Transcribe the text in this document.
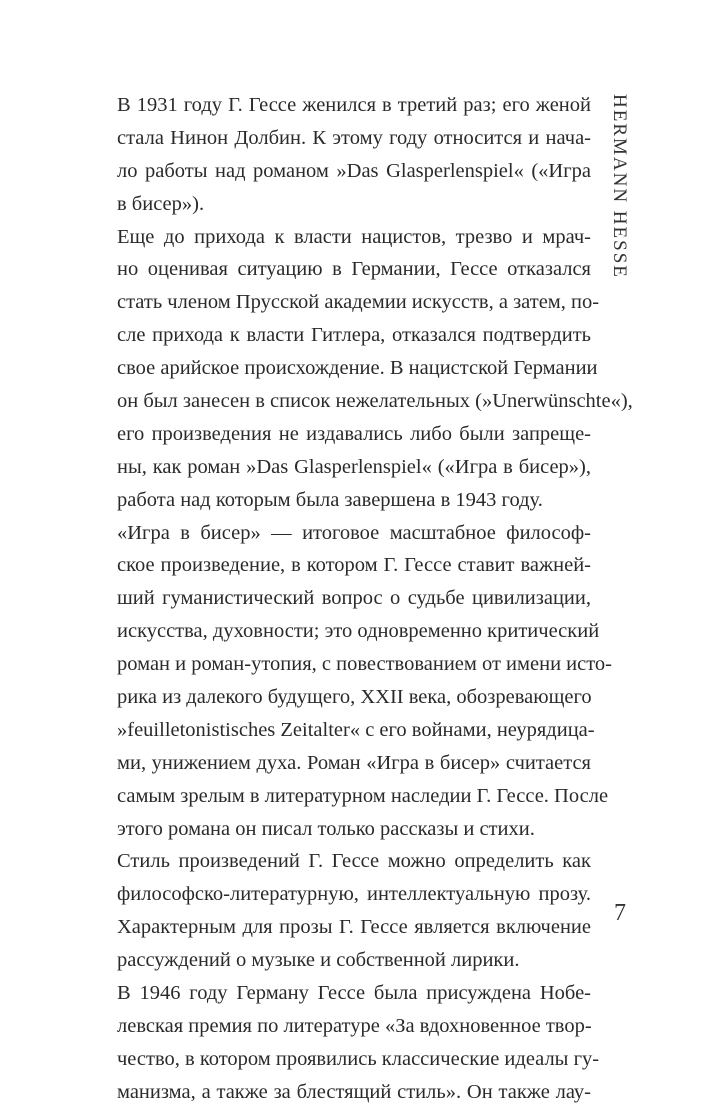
HERMANN HESSE
В 1931 году Г. Гессе женился в третий раз; его женой
стала Нинон Долбин. К этому году относится и нача-
ло работы над романом »Das Glasperlenspiel« («Игра
в бисер»).
Еще до прихода к власти нацистов, трезво и мрач-
но оценивая ситуацию в Германии, Гессе отказался
стать членом Прусской академии искусств, а затем, по-
сле прихода к власти Гитлера, отказался подтвердить
свое арийское происхождение. В нацистской Германии
он был занесен в список нежелательных (»Unerwünschte«),
его произведения не издавались либо были запреще-
ны, как роман »Das Glasperlenspiel« («Игра в бисер»),
работа над которым была завершена в 1943 году.
«Игра в бисер» — итоговое масштабное философ-
ское произведение, в котором Г. Гессе ставит важней-
ший гуманистический вопрос о судьбе цивилизации,
искусства, духовности; это одновременно критический
роман и роман-утопия, с повествованием от имени исто-
рика из далекого будущего, XXII века, обозревающего
»feuilletonistisches Zeitalter« с его войнами, неурядица-
ми, унижением духа. Роман «Игра в бисер» считается
самым зрелым в литературном наследии Г. Гессе. После
этого романа он писал только рассказы и стихи.
Стиль произведений Г. Гессе можно определить как
философско-литературную, интеллектуальную прозу.
Характерным для прозы Г. Гессе является включение
рассуждений о музыке и собственной лирики.
В 1946 году Герману Гессе была присуждена Нобе-
левская премия по литературе «За вдохновенное твор-
чество, в котором проявились классические идеалы гу-
манизма, а также за блестящий стиль». Он также лау-
7
